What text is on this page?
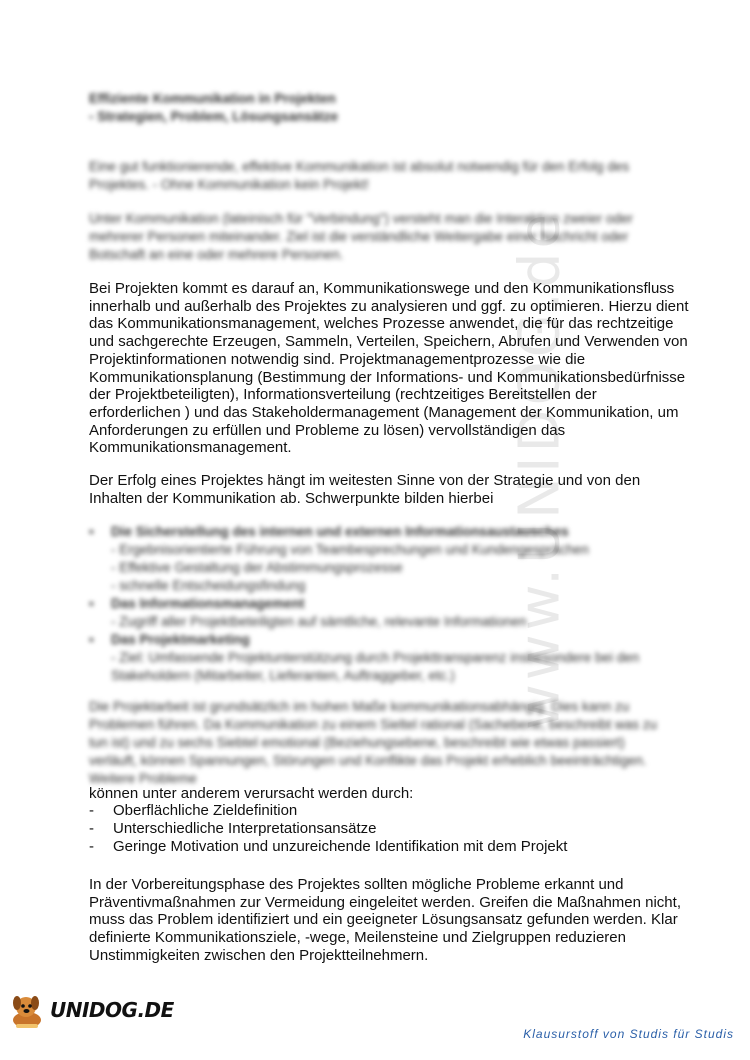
www.UNIDOG.de
Effiziente Kommunikation in Projekten
- Strategien, Problem, Lösungsansätze
Eine gut funktionierende, effektive Kommunikation ist absolut notwendig für den Erfolg des Projektes. - Ohne Kommunikation kein Projekt!
Unter Kommunikation (lateinisch für "Verbindung") versteht man die Interaktion zweier oder mehrerer Personen miteinander. Ziel ist die verständliche Weitergabe einer Nachricht oder Botschaft an eine oder mehrere Personen.

Bei Projekten kommt es darauf an, Kommunikationswege und den Kommunikationsfluss innerhalb und außerhalb des Projektes zu analysieren und ggf. zu optimieren. Hierzu dient das Kommunikationsmanagement, welches Prozesse anwendet, die für das rechtzeitige und sachgerechte Erzeugen, Sammeln, Verteilen, Speichern, Abrufen und Verwenden von Projektinformationen notwendig sind. Projektmanagementprozesse wie die Kommunikationsplanung (Bestimmung der Informations- und Kommunikationsbedürfnisse der Projektbeteiligten), Informationsverteilung (rechtzeitiges Bereitstellen der erforderlichen ) und das Stakeholdermanagement (Management der Kommunikation, um Anforderungen zu erfüllen und Probleme zu lösen) vervollständigen das Kommunikationsmanagement.

Der Erfolg eines Projektes hängt im weitesten Sinne von der Strategie und von den Inhalten der Kommunikation ab. Schwerpunkte bilden hierbei

▪ Die Sicherstellung des internen und externen Informationsaustausches
- Ergebnisorientierte Führung von Teambesprechungen und Kundengesprächen
- Effektive Gestaltung der Abstimmungsprozesse
- schnelle Entscheidungsfindung
▪ Das Informationsmanagement
- Zugriff aller Projektbeteiligten auf sämtliche, relevante Informationen
▪ Das Projektmarketing
- Ziel: Umfassende Projektunterstützung durch Projekttransparenz insbesondere bei den Stakeholdern (Mitarbeiter, Lieferanten, Auftraggeber, etc.)
Die Projektarbeit ist grundsätzlich im hohen Maße kommunikationsabhängig. Dies kann zu Problemen führen. Da Kommunikation zu einem Sieltel rational (Sachebene, beschreibt was zu tun ist) und zu sechs Siebtel emotional (Beziehungsebene, beschreibt wie etwas passiert) verläuft, können Spannungen, Störungen und Konflikte das Projekt erheblich beeinträchtigen. Weitere Probleme

können unter anderem verursacht werden durch:

- Oberflächliche Zieldefinition
- Unterschiedliche Interpretationsansätze
- Geringe Motivation und unzureichende Identifikation mit dem Projekt

In der Vorbereitungsphase des Projektes sollten mögliche Probleme erkannt und Präventivmaßnahmen zur Vermeidung eingeleitet werden. Greifen die Maßnahmen nicht, muss das Problem identifiziert und ein geeigneter Lösungsansatz gefunden werden. Klar definierte Kommunikationsziele, -wege, Meilensteine und Zielgruppen reduzieren Unstimmigkeiten zwischen den Projektteilnehmern.

UNIDOG.DE
Klausurstoff von Studis für Studis
